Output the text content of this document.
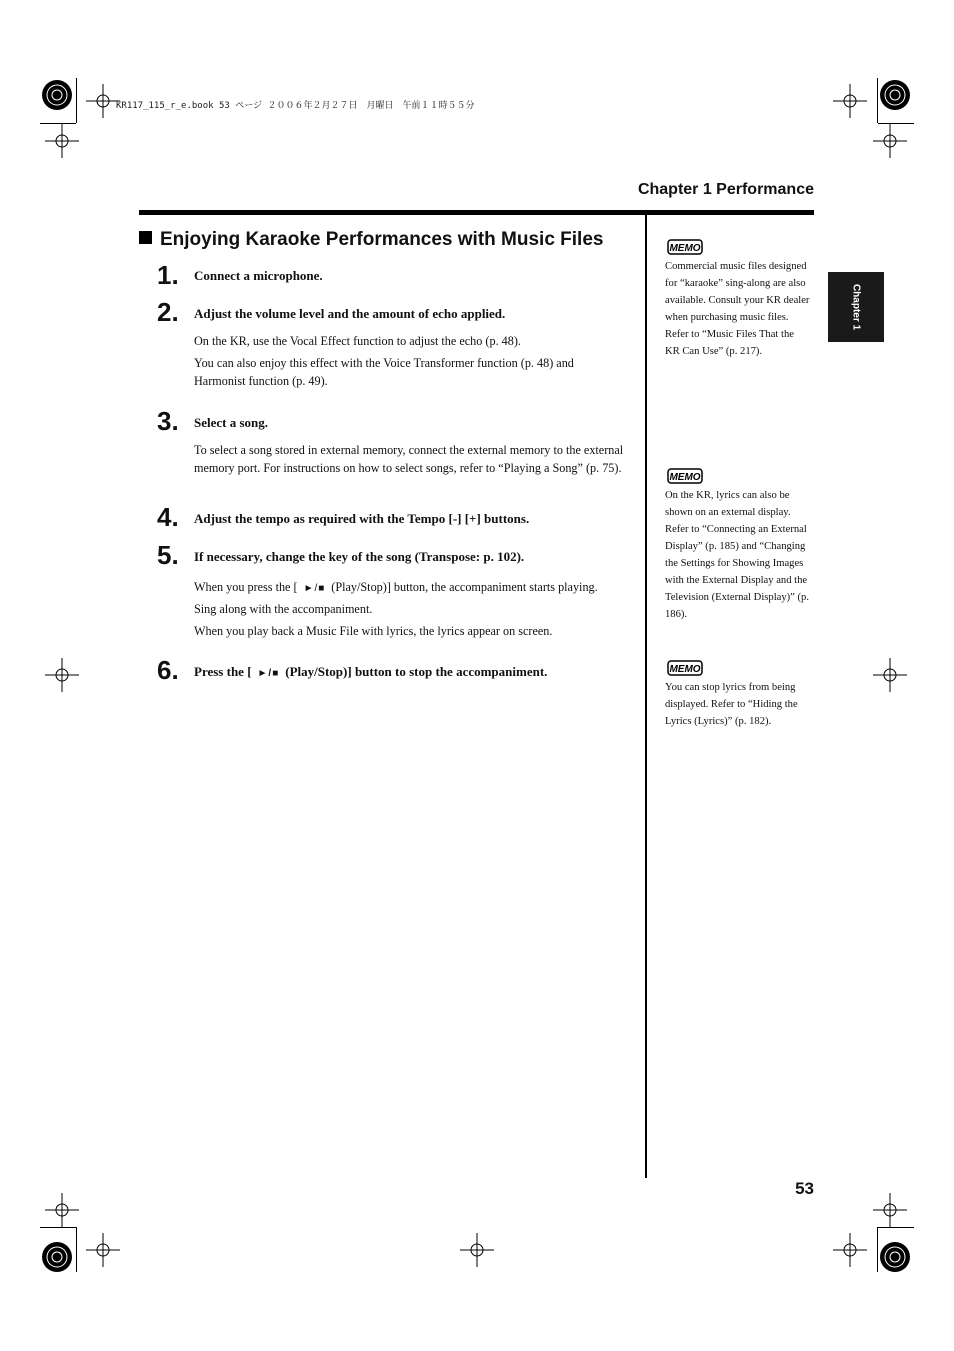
KR117_115_r_e.book 53 ページ ２００６年２月２７日　月曜日　午前１１時５５分
Chapter 1 Performance
Enjoying Karaoke Performances with Music Files
1. Connect a microphone.
2. Adjust the volume level and the amount of echo applied.
On the KR, use the Vocal Effect function to adjust the echo (p. 48).
You can also enjoy this effect with the Voice Transformer function (p. 48) and Harmonist function (p. 49).
3. Select a song.
To select a song stored in external memory, connect the external memory to the external memory port. For instructions on how to select songs, refer to “Playing a Song” (p. 75).
4. Adjust the tempo as required with the Tempo [-] [+] buttons.
5. If necessary, change the key of the song (Transpose: p. 102).
When you press the [ ►/■ (Play/Stop)] button, the accompaniment starts playing.
Sing along with the accompaniment.
When you play back a Music File with lyrics, the lyrics appear on screen.
6. Press the [ ►/■ (Play/Stop)] button to stop the accompaniment.
MEMO
Commercial music files designed for “karaoke” sing-along are also available. Consult your KR dealer when purchasing music files. Refer to “Music Files That the KR Can Use” (p. 217).
MEMO
On the KR, lyrics can also be shown on an external display. Refer to “Connecting an External Display” (p. 185) and “Changing the Settings for Showing Images with the External Display and the Television (External Display)” (p. 186).
MEMO
You can stop lyrics from being displayed. Refer to “Hiding the Lyrics (Lyrics)” (p. 182).
Chapter 1
53
